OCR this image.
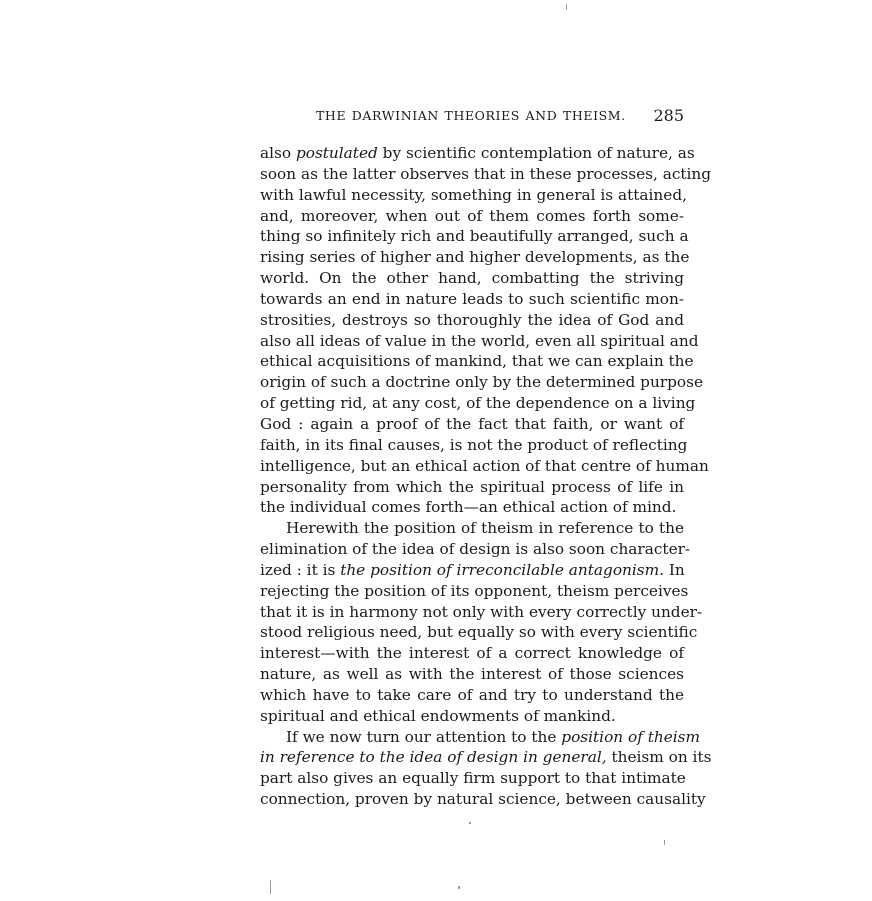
THE DARWINIAN THEORIES AND THEISM. 285
also postulated by scientific contemplation of nature, as
soon as the latter observes that in these processes, acting
with lawful necessity, something in general is attained,
and, moreover, when out of them comes forth some-
thing so infinitely rich and beautifully arranged, such a
rising series of higher and higher developments, as the
world. On the other hand, combatting the striving
towards an end in nature leads to such scientific mon-
strosities, destroys so thoroughly the idea of God and
also all ideas of value in the world, even all spiritual and
ethical acquisitions of mankind, that we can explain the
origin of such a doctrine only by the determined purpose
of getting rid, at any cost, of the dependence on a living
God : again a proof of the fact that faith, or want of
faith, in its final causes, is not the product of reflecting
intelligence, but an ethical action of that centre of human
personality from which the spiritual process of life in
the individual comes forth—an ethical action of mind.
Herewith the position of theism in reference to the
elimination of the idea of design is also soon character-
ized : it is the position of irreconcilable antagonism. In
rejecting the position of its opponent, theism perceives
that it is in harmony not only with every correctly under-
stood religious need, but equally so with every scientific
interest—with the interest of a correct knowledge of
nature, as well as with the interest of those sciences
which have to take care of and try to understand the
spiritual and ethical endowments of mankind.
If we now turn our attention to the position of theism
in reference to the idea of design in general, theism on its
part also gives an equally firm support to that intimate
connection, proven by natural science, between causality
